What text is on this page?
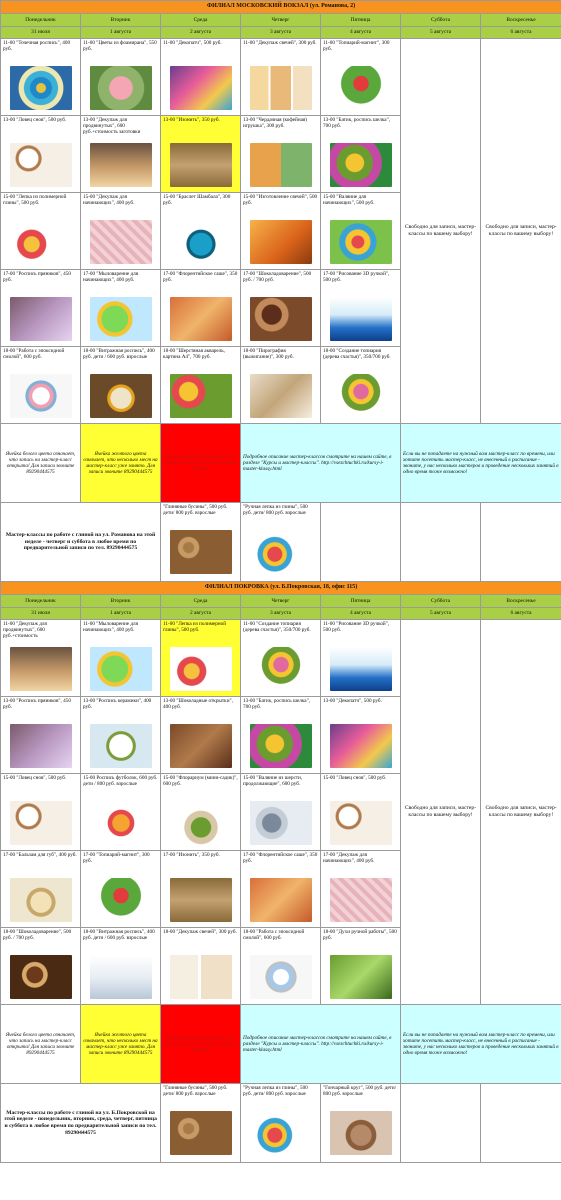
ФИЛИАЛ МОСКОВСКИЙ ВОКЗАЛ (ул. Романова, 2)						
Понедельник	Вторник	Среда	Четверг	Пятница	Суббота	Воскресенье
31 июля	1 августа	2 августа	3 августа	4 августа	5 августа	6 августа

11-00 "Точечная роспись", 400 руб.	11-00 "Цветы из фоамирана", 550 руб.	11-00 "Декопатч", 500 руб.	11-00 "Декупаж свечей", 300 руб.	11-00 "Топиарий-магнит", 300 руб.	Свободно для записи, мастер-классы по вашему выбору!	Свободно для записи, мастер-классы по вашему выбору!

13-00 "Ловец снов", 500 руб.	13-00 "Декупаж для продвинутых", 600 руб.+стоимость заготовки	13-00 "Изонить", 350 руб.	13-00 "Чердачная (кофейная) игрушка", 300 руб.	13-00 "Батик, роспись шелка", 700 руб.		

15-00 "Лепка из полимерной глины", 500 руб.	15-00 "Декупаж для начинающих", 400 руб.	15-00 "Браслет Шамбала", 300 руб.	15-00 "Изготовление свечей", 500 руб.	15-00 "Валяние для начинающих", 500 руб.		

17-00 "Роспись пряников", 450 руб.	17-00 "Мыловарение для начинающих", 400 руб.	17-00 "Флорентийское саше", 350 руб.	17-00 "Шоколадоварение", 500 руб. / 700 руб.	17-00 "Рисование 3D ручкой", 500 руб.		

18-00 "Работа с эпоксидной смолой", 600 руб.	18-00 "Витражная роспись", 400 руб. дети / 600 руб. взрослые	18-00 "Шерстяная акварель, картина А4", 700 руб.	18-00 "Пирография (выжигание)", 300 руб.	18-00 "Создание топиария (дерева счастья)", 350/700 руб.		

Ячейка белого цвета означает, что запись на мастер-класс открыта! Для записи звоните 89290444575	Ячейка желтого цвета означает, что несколько мест на мастер-класс уже занято. Для записи звоните 89290444575	Красная ячейка означает, что группа на мастер-класс набрана целиком	Подробное описание мастер-классов смотрите на нашем сайте, в разделе "Курсы и мастер-классы". http://vsezchtuchki.ru/kursy-i-master-klassy.html		Если вы не попадаете на нужный вам мастер-класс по времени, или хотите посетить мастер-класс, не внесенный в расписание - звоните, у нас несколько мастеров и проведение нескольких занятий в одно время тоже возможно!	
Мастер-классы по работе с глиной на ул. Романова на этой неделе - четверг и суббота в любое время по предварительной записи по тел. 89290444575		"Глиняные бусины", 500 руб. дети/ 800 руб. взрослые	"Ручная лепка из глины", 500 руб. дети/ 800 руб. взрослые			

ФИЛИАЛ ПОКРОВКА (ул. Б.Покровская, 18, офис 115)						
Понедельник	Вторник	Среда	Четверг	Пятница	Суббота	Воскресенье
31 июля	1 августа	2 августа	3 августа	4 августа	5 августа	6 августа

11-00 "Декупаж для продвинутых", 600 руб.+стоимость	11-00 "Мыловарение для начинающих", 400 руб.	11-00 "Лепка из полимерной глины", 500 руб.	11-00 "Создание топиария (дерева счастья)", 350/700 руб.	11-00 "Рисование 3D ручкой", 500 руб.	Свободно для записи, мастер-классы по вашему выбору!	Свободно для записи, мастер-классы по вашему выбору!

13-00 "Роспись пряников", 450 руб.	13-00 "Роспись керамики", 400 руб.	13-00 "Шоколадные открытки", 400 руб.	13-00 "Батик, роспись шелка", 700 руб.	13-00 "Декопатч", 500 руб.		

15-00 "Ловец снов", 500 руб.	15-00 Роспись футболок, 600 руб. дети / 800 руб. взрослые	15-00 "Флорариум (мини-садик)", 600 руб.	15-00 "Валяние из шерсти, продолжающие", 600 руб.	15-00 "Ловец снов", 500 руб.		

17-00 "Бальзам для губ", 400 руб.	17-00 "Топиарий-магнит", 300 руб.	17-00 "Изонить", 350 руб.	17-00 "Флорентийское саше", 350 руб.	17-00 "Декупаж для начинающих", 400 руб.		

18-00 "Шоколадоварение", 500 руб. / 700 руб.	18-00 "Витражная роспись", 400 руб. дети / 600 руб. взрослые	18-00 "Декупаж свечей", 300 руб.	18-00 "Работа с эпоксидной смолой", 600 руб.	18-00 "Духи ручной работы", 500 руб.		

Ячейка белого цвета означает, что запись на мастер-класс открыта! Для записи звоните 89290444575	Ячейка желтого цвета означает, что несколько мест на мастер-класс уже занято. Для записи звоните 89290444575	Красная ячейка означает, что группа на мастер-класс набрана целиком	Подробное описание мастер-классов смотрите на нашем сайте, в разделе "Курсы и мастер-классы". http://vsezchtuchki.ru/kursy-i-master-klassy.html		Если вы не попадаете на нужный вам мастер-класс по времени, или хотите посетить мастер-класс, не внесенный в расписание - звоните, у нас несколько мастеров и проведение нескольких занятий в одно время тоже возможно!	
Мастер-классы по работе с глиной на ул. Б.Покровской на этой неделе - понедельник, вторник, среда, четверг, пятница и суббота в любое время по предварительной записи по тел. 89290444575		"Глиняные бусины", 500 руб. дети/ 800 руб. взрослые	"Ручная лепка из глины", 500 руб. дети/ 800 руб. взрослые	"Гончарный круг", 500 руб. дети/ 800 руб. взрослые		
